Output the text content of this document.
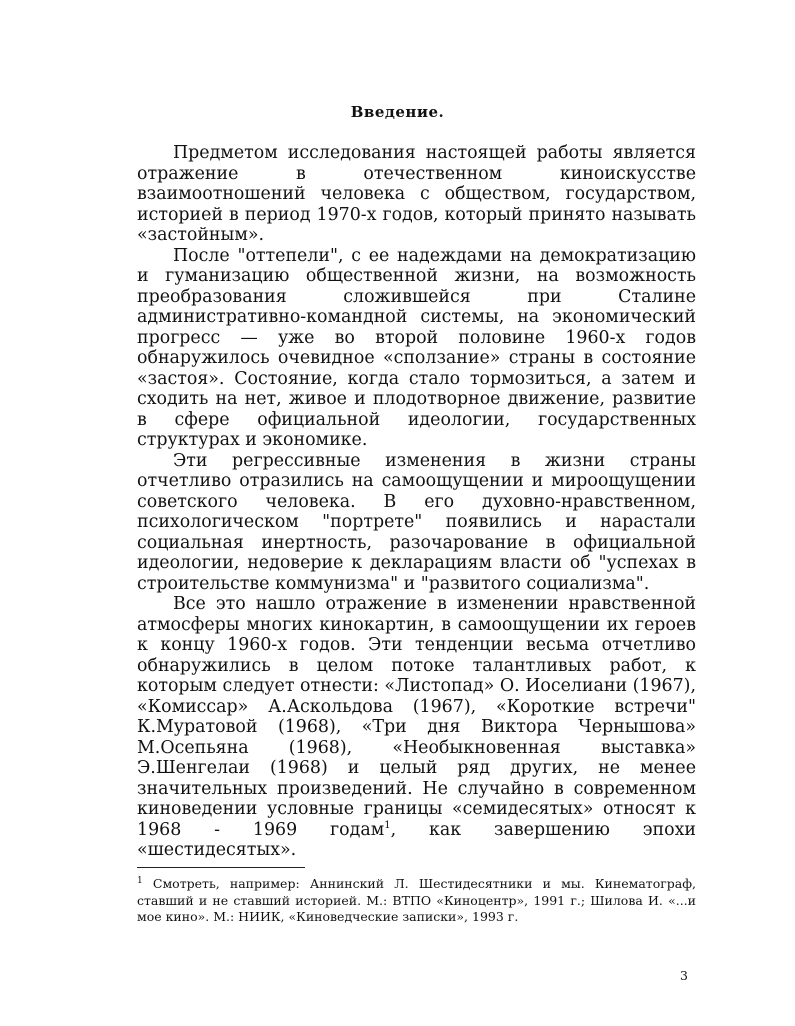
Введение.

Предметом исследования настоящей работы является отражение в отечественном киноискусстве взаимоотношений человека с обществом, государством, историей в период 1970-х годов, который принято называть «застойным».

После "оттепели", с ее надеждами на демократизацию и гуманизацию общественной жизни, на возможность преобразования сложившейся при Сталине административно-командной системы, на экономический прогресс — уже во второй половине 1960-х годов обнаружилось очевидное «сползание» страны в состояние «застоя». Состояние, когда стало тормозиться, а затем и сходить на нет, живое и плодотворное движение, развитие в сфере официальной идеологии, государственных структурах и экономике.

Эти регрессивные изменения в жизни страны отчетливо отразились на самоощущении и мироощущении советского человека. В его духовно-нравственном, психологическом "портрете" появились и нарастали социальная инертность, разочарование в официальной идеологии, недоверие к декларациям власти об "успехах в строительстве коммунизма" и "развитого социализма".

Все это нашло отражение в изменении нравственной атмосферы многих кинокартин, в самоощущении их героев к концу 1960-х годов. Эти тенденции весьма отчетливо обнаружились в целом потоке талантливых работ, к которым следует отнести: «Листопад» О. Иоселиани (1967), «Комиссар» А.Аскольдова (1967), «Короткие встречи" К.Муратовой (1968), «Три дня Виктора Чернышова» М.Осепьяна (1968), «Необыкновенная выставка» Э.Шенгелаи (1968) и целый ряд других, не менее значительных произведений. Не случайно в современном киноведении условные границы «семидесятых» относят к 1968 - 1969 годам$^1$, как завершению эпохи «шестидесятых».

$^1$ Смотреть, например: Аннинский Л. Шестидесятники и мы. Кинематограф, ставший и не ставший историей. М.: ВТПО «Киноцентр», 1991 г.; Шилова И. «...и мое кино». М.: НИИК, «Киноведческие записки», 1993 г.

3
